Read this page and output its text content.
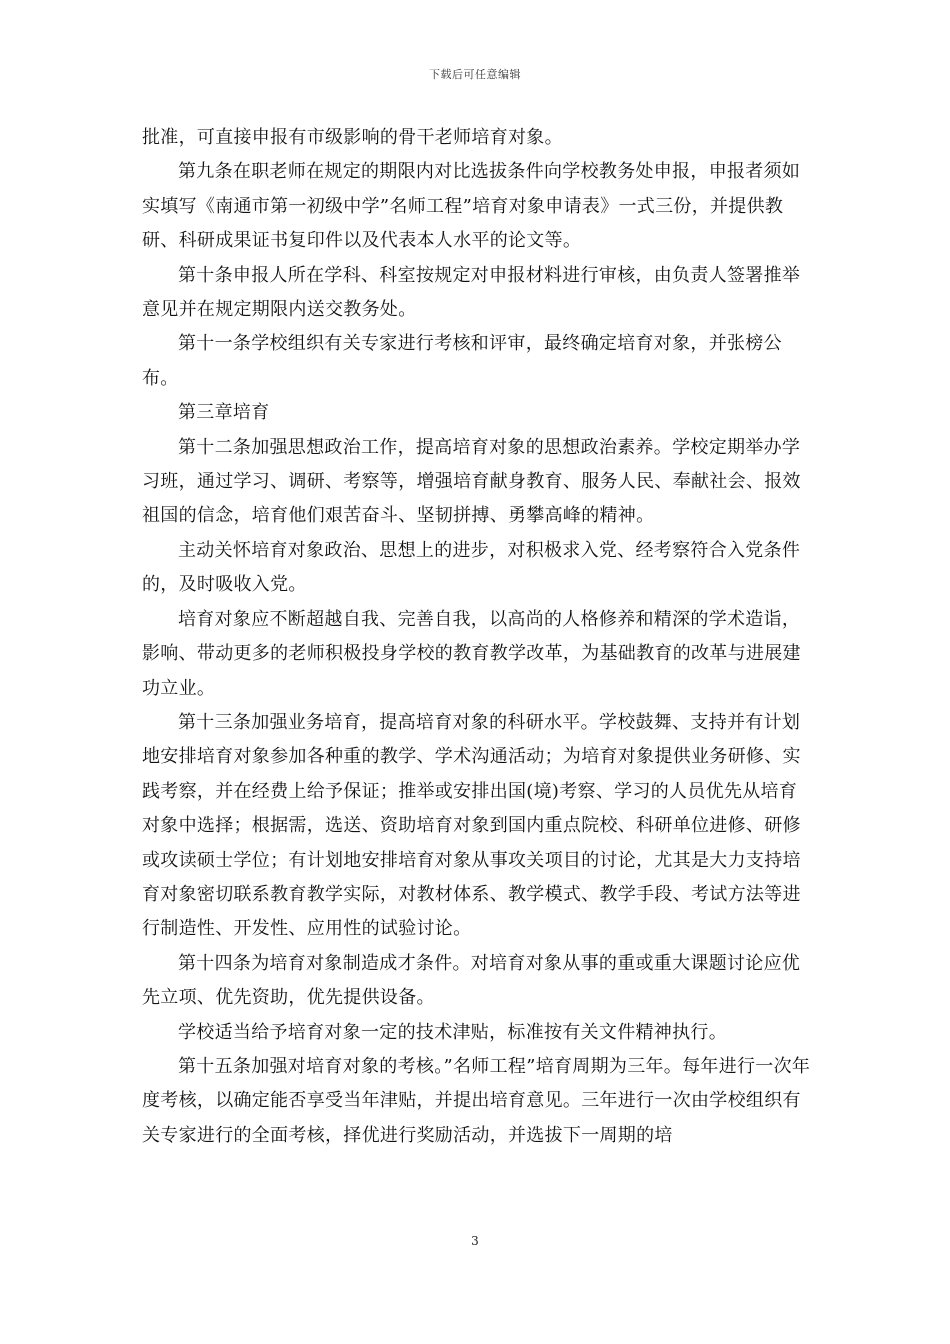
下载后可任意编辑

批准，可直接申报有市级影响的骨干老师培育对象。

第九条在职老师在规定的期限内对比选拔条件向学校教务处申报，申报者须如实填写《南通市第一初级中学”名师工程”培育对象申请表》一式三份，并提供教研、科研成果证书复印件以及代表本人水平的论文等。

第十条申报人所在学科、科室按规定对申报材料进行审核，由负责人签署推举意见并在规定期限内送交教务处。

第十一条学校组织有关专家进行考核和评审，最终确定培育对象，并张榜公布。

第三章培育

第十二条加强思想政治工作，提高培育对象的思想政治素养。学校定期举办学习班，通过学习、调研、考察等，增强培育献身教育、服务人民、奉献社会、报效祖国的信念，培育他们艰苦奋斗、坚韧拼搏、勇攀高峰的精神。

主动关怀培育对象政治、思想上的进步，对积极求入党、经考察符合入党条件的，及时吸收入党。

培育对象应不断超越自我、完善自我，以高尚的人格修养和精深的学术造诣，影响、带动更多的老师积极投身学校的教育教学改革，为基础教育的改革与进展建功立业。

第十三条加强业务培育，提高培育对象的科研水平。学校鼓舞、支持并有计划地安排培育对象参加各种重的教学、学术沟通活动；为培育对象提供业务研修、实践考察，并在经费上给予保证；推举或安排出国(境)考察、学习的人员优先从培育对象中选择；根据需，选送、资助培育对象到国内重点院校、科研单位进修、研修或攻读硕士学位；有计划地安排培育对象从事攻关项目的讨论，尤其是大力支持培育对象密切联系教育教学实际，对教材体系、教学模式、教学手段、考试方法等进行制造性、开发性、应用性的试验讨论。

第十四条为培育对象制造成才条件。对培育对象从事的重或重大课题讨论应优先立项、优先资助，优先提供设备。

学校适当给予培育对象一定的技术津贴，标准按有关文件精神执行。

第十五条加强对培育对象的考核。”名师工程”培育周期为三年。每年进行一次年度考核，以确定能否享受当年津贴，并提出培育意见。三年进行一次由学校组织有关专家进行的全面考核，择优进行奖励活动，并选拔下一周期的培

3
